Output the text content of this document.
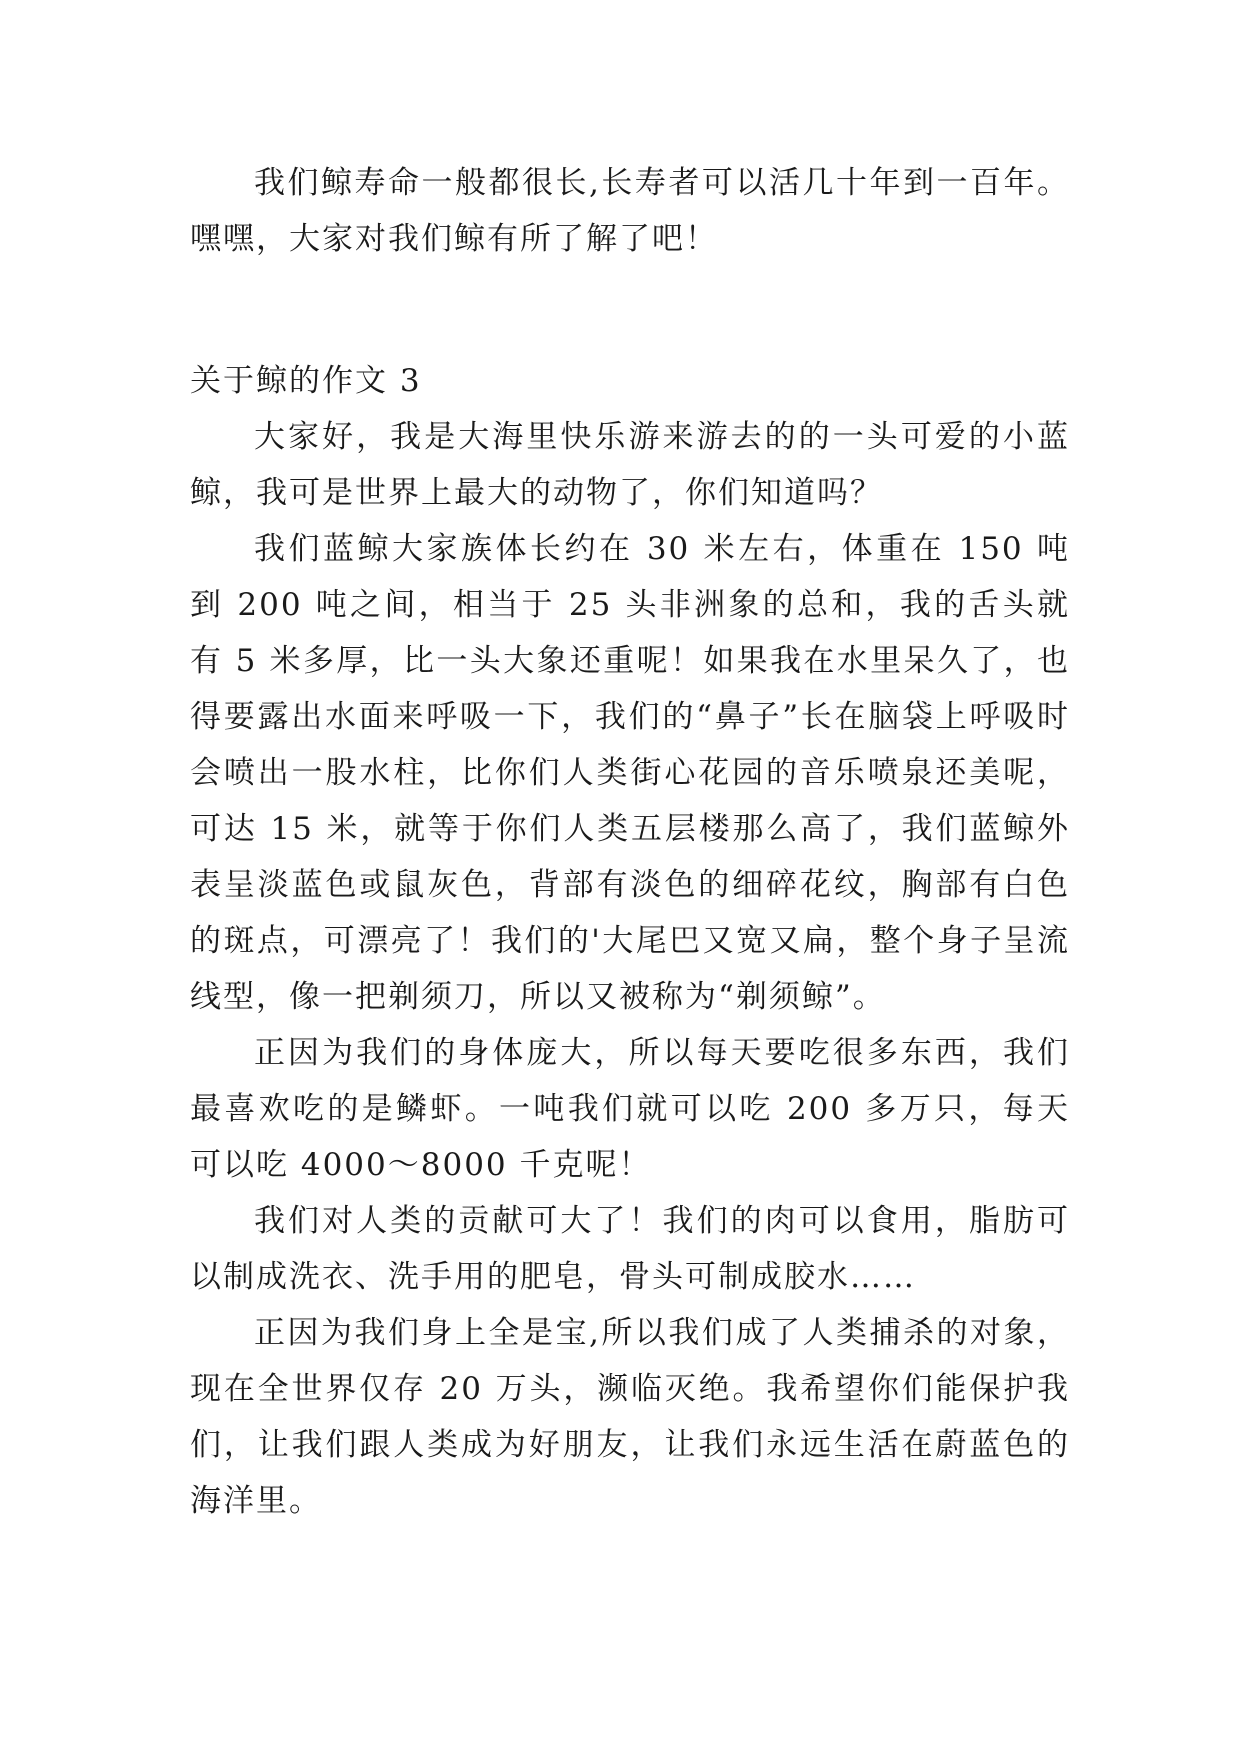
我们鲸寿命一般都很长,长寿者可以活几十年到一百年。嘿嘿，大家对我们鲸有所了解了吧！

关于鲸的作文 3

大家好，我是大海里快乐游来游去的的一头可爱的小蓝鲸，我可是世界上最大的动物了，你们知道吗？

我们蓝鲸大家族体长约在 30 米左右，体重在 150 吨到 200 吨之间，相当于 25 头非洲象的总和，我的舌头就有 5 米多厚，比一头大象还重呢！如果我在水里呆久了，也得要露出水面来呼吸一下，我们的“鼻子”长在脑袋上呼吸时会喷出一股水柱，比你们人类街心花园的音乐喷泉还美呢，可达 15 米，就等于你们人类五层楼那么高了，我们蓝鲸外表呈淡蓝色或鼠灰色，背部有淡色的细碎花纹，胸部有白色的斑点，可漂亮了！我们的'大尾巴又宽又扁，整个身子呈流线型，像一把剃须刀，所以又被称为“剃须鲸”。

正因为我们的身体庞大，所以每天要吃很多东西，我们最喜欢吃的是鳞虾。一吨我们就可以吃 200 多万只，每天可以吃 4000～8000 千克呢！

我们对人类的贡献可大了！我们的肉可以食用，脂肪可以制成洗衣、洗手用的肥皂，骨头可制成胶水……

正因为我们身上全是宝,所以我们成了人类捕杀的对象，现在全世界仅存 20 万头，濒临灭绝。我希望你们能保护我们，让我们跟人类成为好朋友，让我们永远生活在蔚蓝色的海洋里。
